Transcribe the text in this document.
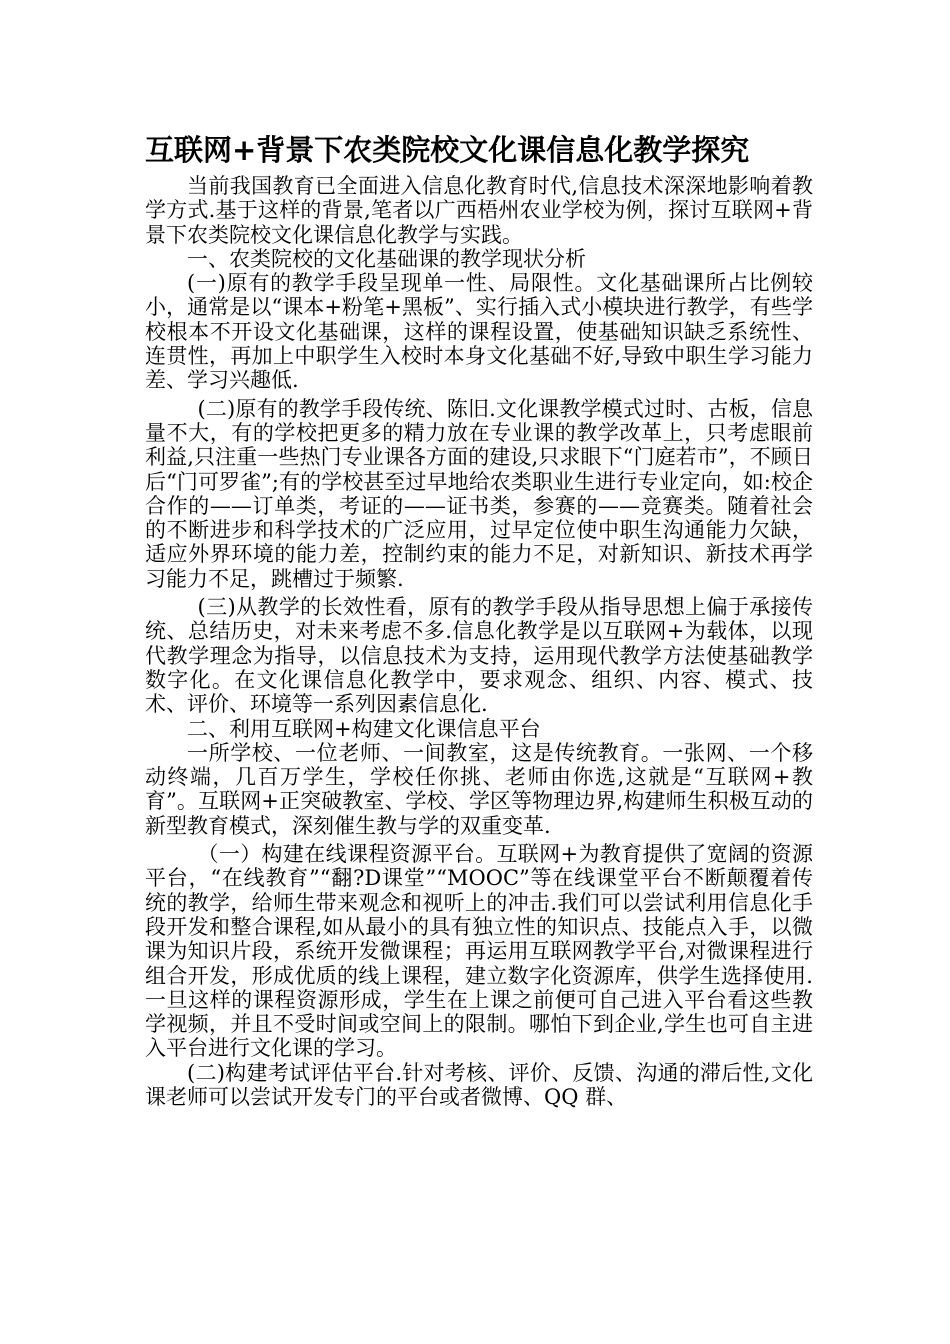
互联网+背景下农类院校文化课信息化教学探究

当前我国教育已全面进入信息化教育时代,信息技术深深地影响着教学方式.基于这样的背景,笔者以广西梧州农业学校为例，探讨互联网+背景下农类院校文化课信息化教学与实践。

一、农类院校的文化基础课的教学现状分析

(一)原有的教学手段呈现单一性、局限性。文化基础课所占比例较小，通常是以“课本+粉笔+黑板”、实行插入式小模块进行教学，有些学校根本不开设文化基础课，这样的课程设置，使基础知识缺乏系统性、连贯性，再加上中职学生入校时本身文化基础不好,导致中职生学习能力差、学习兴趣低.

(二)原有的教学手段传统、陈旧.文化课教学模式过时、古板，信息量不大，有的学校把更多的精力放在专业课的教学改革上，只考虑眼前利益,只注重一些热门专业课各方面的建设,只求眼下“门庭若市”，不顾日后“门可罗雀”;有的学校甚至过早地给农类职业生进行专业定向，如:校企合作的——订单类，考证的——证书类，参赛的——竞赛类。随着社会的不断进步和科学技术的广泛应用，过早定位使中职生沟通能力欠缺，适应外界环境的能力差，控制约束的能力不足，对新知识、新技术再学习能力不足，跳槽过于频繁.

(三)从教学的长效性看，原有的教学手段从指导思想上偏于承接传统、总结历史，对未来考虑不多.信息化教学是以互联网+为载体，以现代教学理念为指导，以信息技术为支持，运用现代教学方法使基础教学数字化。在文化课信息化教学中，要求观念、组织、内容、模式、技术、评价、环境等一系列因素信息化.

二、利用互联网+构建文化课信息平台

一所学校、一位老师、一间教室，这是传统教育。一张网、一个移动终端，几百万学生，学校任你挑、老师由你选,这就是“互联网+教育”。互联网+正突破教室、学校、学区等物理边界,构建师生积极互动的新型教育模式，深刻催生教与学的双重变革.

（一）构建在线课程资源平台。互联网+为教育提供了宽阔的资源平台，“在线教育”“翻?D课堂”“MOOC”等在线课堂平台不断颠覆着传统的教学，给师生带来观念和视听上的冲击.我们可以尝试利用信息化手段开发和整合课程,如从最小的具有独立性的知识点、技能点入手，以微课为知识片段，系统开发微课程；再运用互联网教学平台,对微课程进行组合开发，形成优质的线上课程，建立数字化资源库，供学生选择使用.一旦这样的课程资源形成，学生在上课之前便可自己进入平台看这些教学视频，并且不受时间或空间上的限制。哪怕下到企业,学生也可自主进入平台进行文化课的学习。

(二)构建考试评估平台.针对考核、评价、反馈、沟通的滞后性,文化课老师可以尝试开发专门的平台或者微博、QQ 群、
